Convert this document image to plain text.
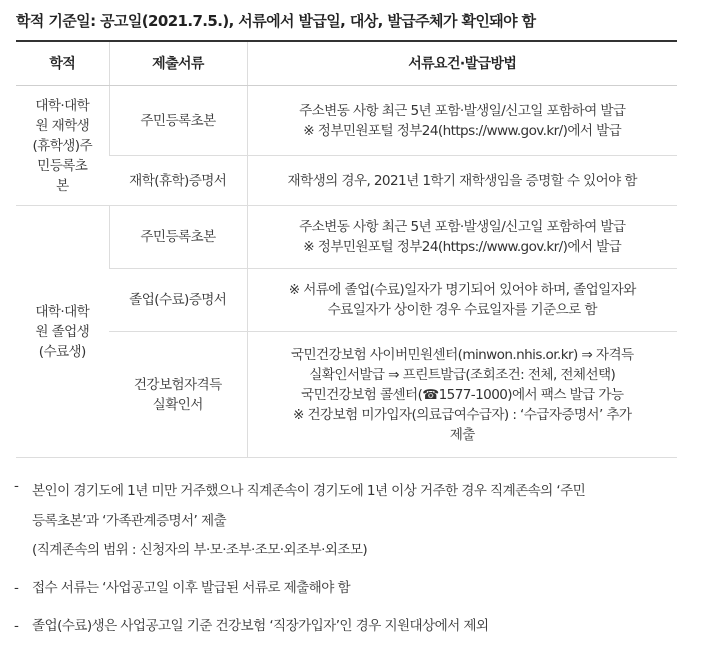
학적 기준일: 공고일(2021.7.5.), 서류에서 발급일, 대상, 발급주체가 확인돼야 함
학적	제출서류	서류요건·발급방법
대학·대학
원 재학생
(휴학생)주
민등록초
본	주민등록초본	주소변동 사항 최근 5년 포함·발생일/신고일 포함하여 발급
※ 정부민원포털 정부24(https://www.gov.kr/)에서 발급
	재학(휴학)증명서	재학생의 경우, 2021년 1학기 재학생임을 증명할 수 있어야 함
대학·대학
원 졸업생
(수료생)	주민등록초본	주소변동 사항 최근 5년 포함·발생일/신고일 포함하여 발급
※ 정부민원포털 정부24(https://www.gov.kr/)에서 발급
	졸업(수료)증명서	※ 서류에 졸업(수료)일자가 명기되어 있어야 하며, 졸업일자와
수료일자가 상이한 경우 수료일자를 기준으로 함
	건강보험자격득
실확인서	국민건강보험 사이버민원센터(minwon.nhis.or.kr) ⇒ 자격득
실확인서발급 ⇒ 프린트발급(조회조건: 전체, 전체선택)
국민건강보험 콜센터(☎1577-1000)에서 팩스 발급 가능
※ 건강보험 미가입자(의료급여수급자) : ‘수급자증명서’ 추가
제출
- 본인이 경기도에 1년 미만 거주했으나 직계존속이 경기도에 1년 이상 거주한 경우 직계존속의 ‘주민
등록초본’과 ‘가족관계증명서’ 제출
(직계존속의 범위 : 신청자의 부·모·조부·조모·외조부·외조모)
- 접수 서류는 ‘사업공고일 이후 발급된 서류로 제출해야 함
- 졸업(수료)생은 사업공고일 기준 건강보험 ‘직장가입자’인 경우 지원대상에서 제외
